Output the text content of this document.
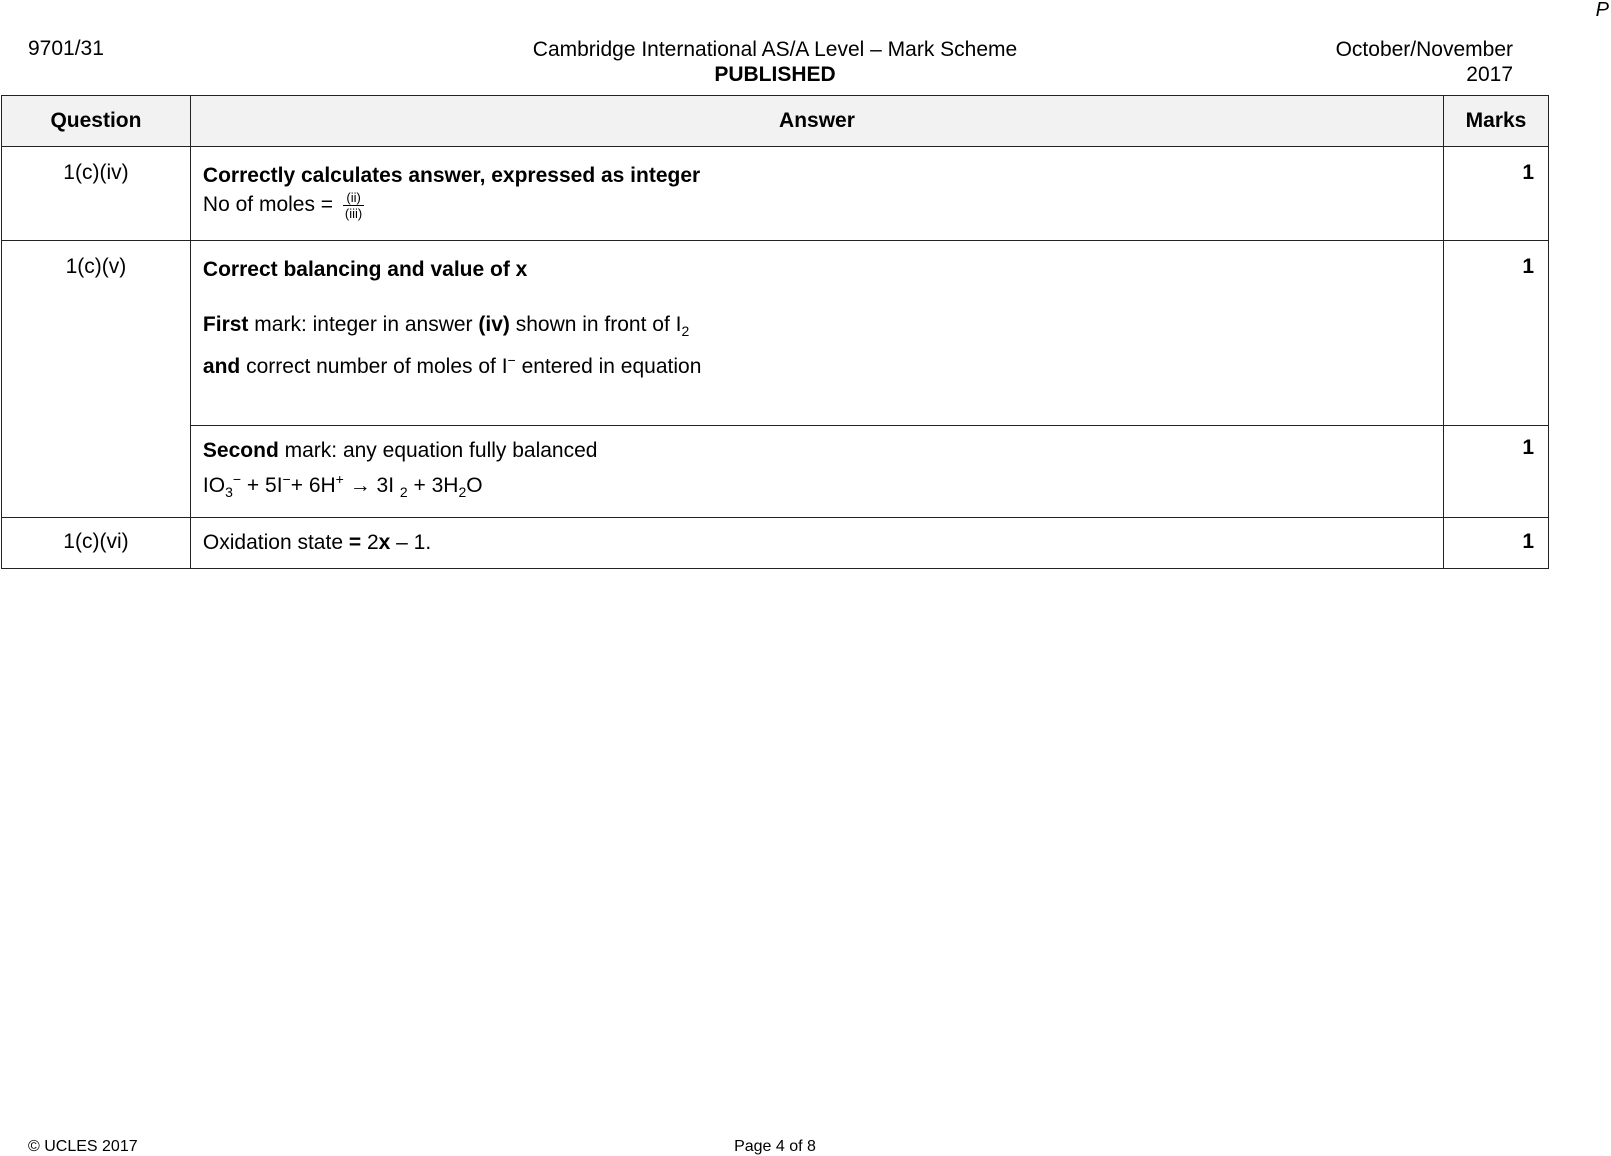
P
9701/31	Cambridge International AS/A Level – Mark Scheme
PUBLISHED
October/November
2017
Question	Answer	Marks
1(c)(iv)	Correctly calculates answer, expressed as integer
No of moles = $\frac{(ii)}{\text{(iii)}}$	1
1(c)(v)	Correct balancing and value of x
First mark: integer in answer (iv) shown in front of $I_2$
and correct number of moles of I− entered in equation	1

	Second mark: any equation fully balanced
$IO_3^- + 5I^-+ 6H^+ \to 3I$ $_2 + 3H_2O$	1
1(c)(vi)	Oxidation state = 2x – 1.	1
© UCLES 2017	Page 4 of 8
